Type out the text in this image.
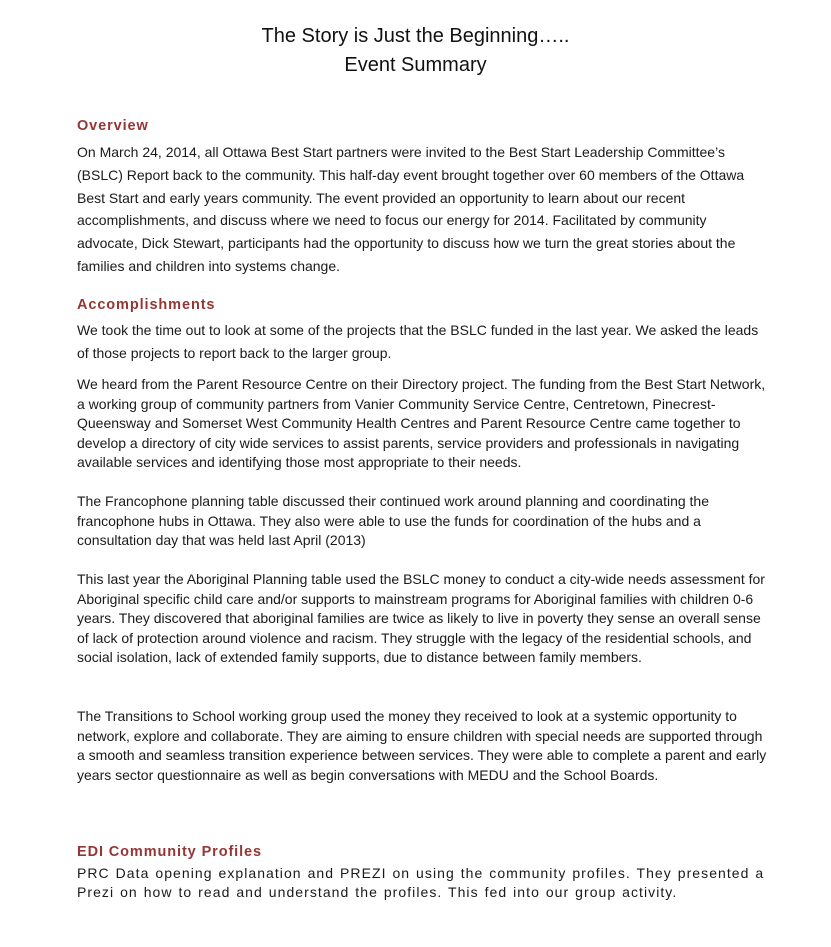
The Story is Just the Beginning…..
Event Summary
Overview

On March 24, 2014, all Ottawa Best Start partners were invited to the Best Start Leadership Committee’s (BSLC) Report back to the community. This half-day event brought together over 60 members of the Ottawa Best Start and early years community. The event provided an opportunity to learn about our recent accomplishments, and discuss where we need to focus our energy for 2014. Facilitated by community advocate, Dick Stewart, participants had the opportunity to discuss how we turn the great stories about the families and children into systems change.

Accomplishments

We took the time out to look at some of the projects that the BSLC funded in the last year. We asked the leads of those projects to report back to the larger group.

We heard from the Parent Resource Centre on their Directory project. The funding from the Best Start Network, a working group of community partners from Vanier Community Service Centre, Centretown, Pinecrest-Queensway and Somerset West Community Health Centres and Parent Resource Centre came together to develop a directory of city wide services to assist parents, service providers and professionals in navigating available services and identifying those most appropriate to their needs.

The Francophone planning table discussed their continued work around planning and coordinating the francophone hubs in Ottawa. They also were able to use the funds for coordination of the hubs and a consultation day that was held last April (2013)

This last year the Aboriginal Planning table used the BSLC money to conduct a city-wide needs assessment for Aboriginal specific child care and/or supports to mainstream programs for Aboriginal families with children 0-6 years. They discovered that aboriginal families are twice as likely to live in poverty they sense an overall sense of lack of protection around violence and racism. They struggle with the legacy of the residential schools, and social isolation, lack of extended family supports, due to distance between family members.

The Transitions to School working group used the money they received to look at a systemic opportunity to network, explore and collaborate. They are aiming to ensure children with special needs are supported through a smooth and seamless transition experience between services. They were able to complete a parent and early years sector questionnaire as well as begin conversations with MEDU and the School Boards.

EDI Community Profiles

PRC Data opening explanation and PREZI on using the community profiles. They presented a Prezi on how to read and understand the profiles. This fed into our group activity.
